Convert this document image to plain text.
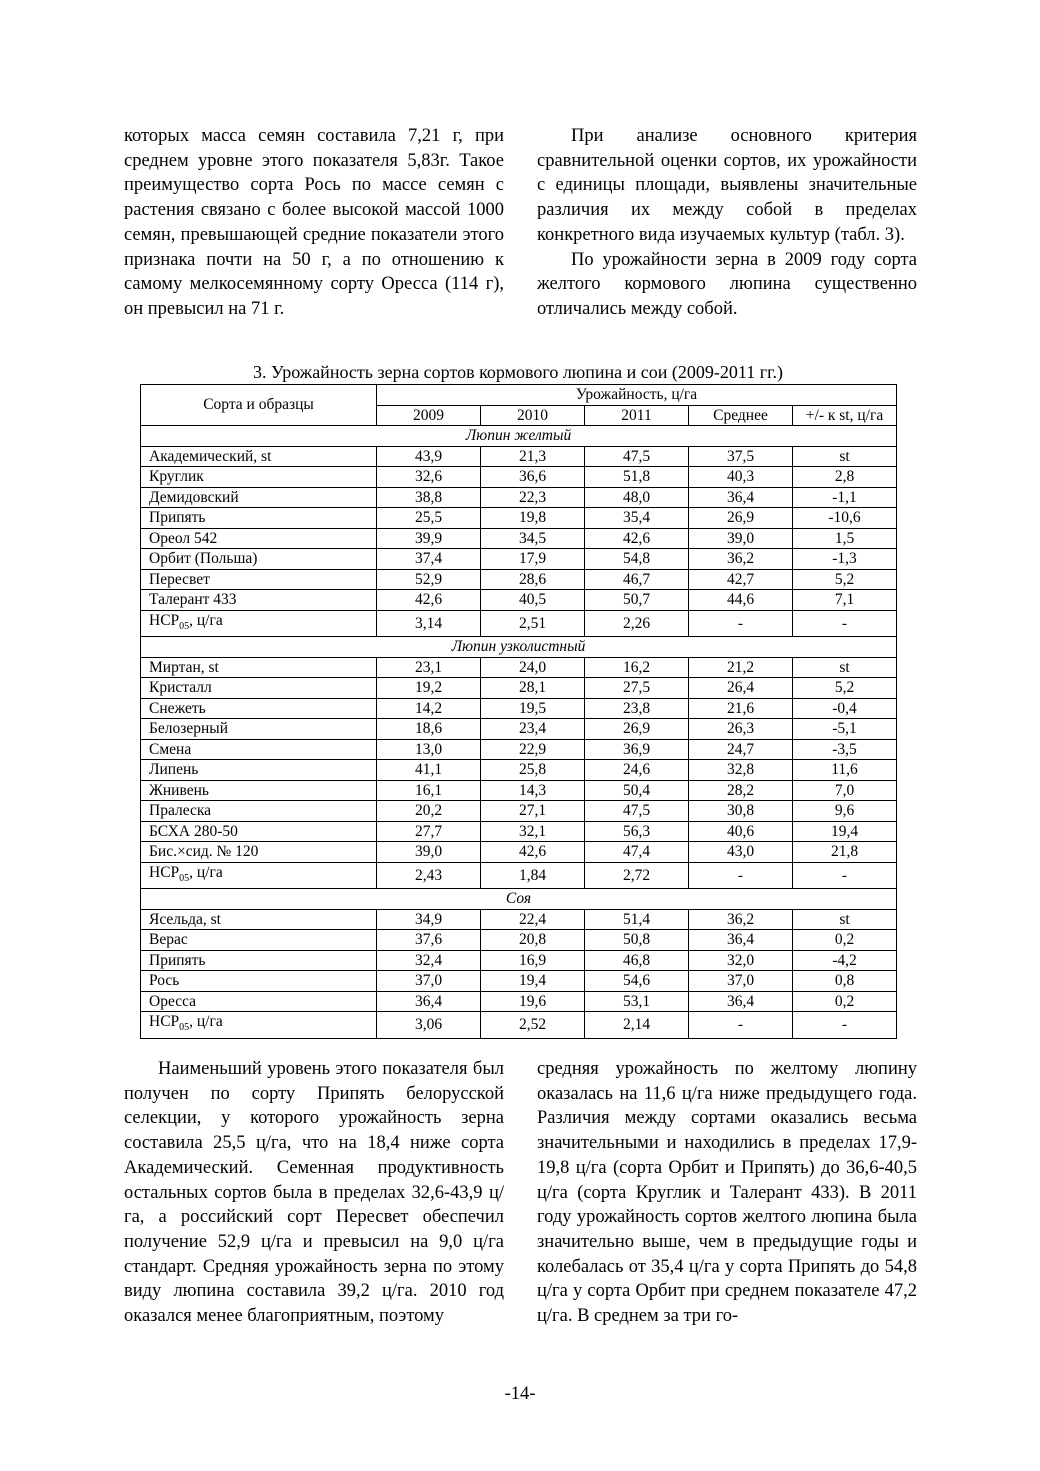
которых масса семян составила 7,21 г, при среднем уровне этого показателя 5,83г. Такое преимущество сорта Рось по массе семян с растения связано с более высокой массой 1000 семян, превышающей средние показатели этого признака почти на 50 г, а по отношению к самому мелкосемянному сорту Оресса (114 г), он превысил на 71 г.

При анализе основного критерия сравнительной оценки сортов, их урожайности с единицы площади, выявлены значительные различия их между собой в пределах конкретного вида изучаемых культур (табл. 3).

По урожайности зерна в 2009 году сорта желтого кормового люпина существенно отличались между собой.

3. Урожайность зерна сортов кормового люпина и сои (2009-2011 гг.)
Сорта и образцы	Урожайность, ц/га				
	2009	2010	2011	Среднее	+/- к st, ц/га
Люпин желтый					
Академический, st	43,9	21,3	47,5	37,5	st
Круглик	32,6	36,6	51,8	40,3	2,8
Демидовский	38,8	22,3	48,0	36,4	-1,1
Припять	25,5	19,8	35,4	26,9	-10,6
Ореол 542	39,9	34,5	42,6	39,0	1,5
Орбит (Польша)	37,4	17,9	54,8	36,2	-1,3
Пересвет	52,9	28,6	46,7	42,7	5,2
Талерант 433	42,6	40,5	50,7	44,6	7,1
$НСР_{05}$, ц/га	3,14	2,51	2,26	-	-
Люпин узколистный					
Миртан, st	23,1	24,0	16,2	21,2	st
Кристалл	19,2	28,1	27,5	26,4	5,2
Снежеть	14,2	19,5	23,8	21,6	-0,4
Белозерный	18,6	23,4	26,9	26,3	-5,1
Смена	13,0	22,9	36,9	24,7	-3,5
Липень	41,1	25,8	24,6	32,8	11,6
Жнивень	16,1	14,3	50,4	28,2	7,0
Пралеска	20,2	27,1	47,5	30,8	9,6
БСХА 280-50	27,7	32,1	56,3	40,6	19,4
Бис.×сид. № 120	39,0	42,6	47,4	43,0	21,8
$НСР_{05}$, ц/га	2,43	1,84	2,72	-	-
Соя					
Ясельда, st	34,9	22,4	51,4	36,2	st
Верас	37,6	20,8	50,8	36,4	0,2
Припять	32,4	16,9	46,8	32,0	-4,2
Рось	37,0	19,4	54,6	37,0	0,8
Оресса	36,4	19,6	53,1	36,4	0,2
$НСР_{05}$, ц/га	3,06	2,52	2,14	-	-

Наименьший уровень этого показателя был получен по сорту Припять белорусской селекции, у которого урожайность зерна составила 25,5 ц/га, что на 18,4 ниже сорта Академический. Семенная продуктивность остальных сортов была в пределах 32,6-43,9 ц/га, а российский сорт Пересвет обеспечил получение 52,9 ц/га и превысил на 9,0 ц/га стандарт. Средняя урожайность зерна по этому виду люпина составила 39,2 ц/га. 2010 год оказался менее благоприятным, поэтому

средняя урожайность по желтому люпину оказалась на 11,6 ц/га ниже предыдущего года. Различия между сортами оказались весьма значительными и находились в пределах 17,9-19,8 ц/га (сорта Орбит и Припять) до 36,6-40,5 ц/га (сорта Круглик и Талерант 433). В 2011 году урожайность сортов желтого люпина была значительно выше, чем в предыдущие годы и колебалась от 35,4 ц/га у сорта Припять до 54,8 ц/га у сорта Орбит при среднем показателе 47,2 ц/га. В среднем за три го-

-14-
